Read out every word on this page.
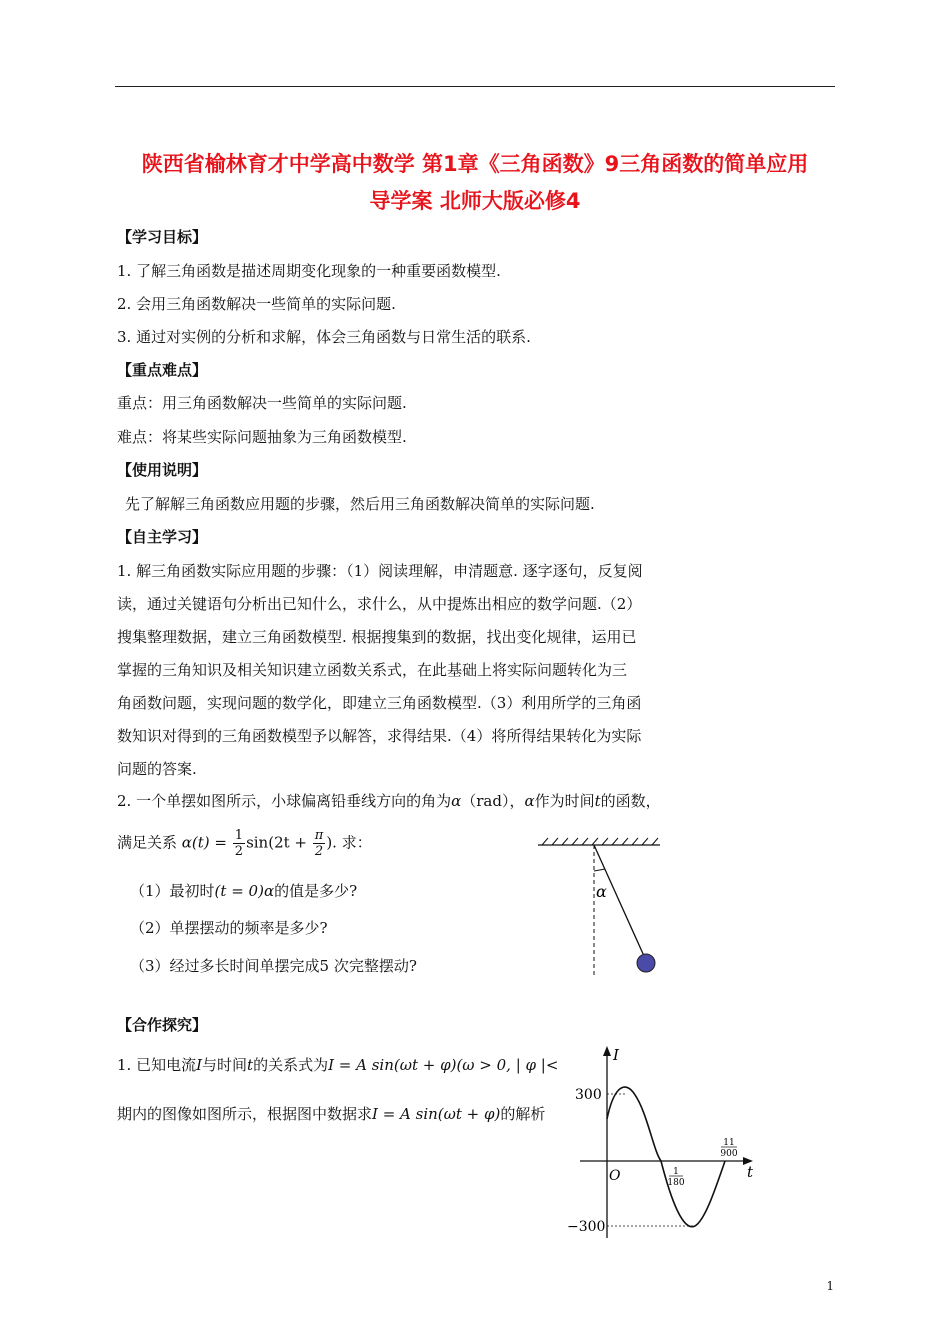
陕西省榆林育才中学高中数学 第1章《三角函数》9三角函数的简单应用
导学案 北师大版必修4
【学习目标】
1. 了解三角函数是描述周期变化现象的一种重要函数模型.
2. 会用三角函数解决一些简单的实际问题.
3. 通过对实例的分析和求解，体会三角函数与日常生活的联系.
【重点难点】
重点：用三角函数解决一些简单的实际问题.
难点：将某些实际问题抽象为三角函数模型.
【使用说明】
先了解解三角函数应用题的步骤，然后用三角函数解决简单的实际问题.
【自主学习】
1. 解三角函数实际应用题的步骤：（1）阅读理解，申清题意. 逐字逐句，反复阅
读，通过关键语句分析出已知什么，求什么，从中提炼出相应的数学问题.（2）
搜集整理数据，建立三角函数模型. 根据搜集到的数据，找出变化规律，运用已
掌握的三角知识及相关知识建立函数关系式，在此基础上将实际问题转化为三
角函数问题，实现问题的数学化，即建立三角函数模型.（3）利用所学的三角函
数知识对得到的三角函数模型予以解答，求得结果.（4）将所得结果转化为实际
问题的答案.
2. 一个单摆如图所示，小球偏离铅垂线方向的角为α（rad），α作为时间t的函数，
满足关系 $\alpha(t) = \frac{1}{2} \sin(2t + \frac{\pi}{2}$ ). 求：
（1）最初时(t = 0)α的值是多少?
（2）单摆摆动的频率是多少?
（3）经过多长时间单摆完成5 次完整摆动?
α
【合作探究】
1. 已知电流I与时间t的关系式为I = A sin(ωt + φ)(ω > 0, | φ |<
期内的图像如图所示，根据图中数据求I = A sin(ωt + φ)的解析
I
t
O
300
−300
1
180
11
900
1
